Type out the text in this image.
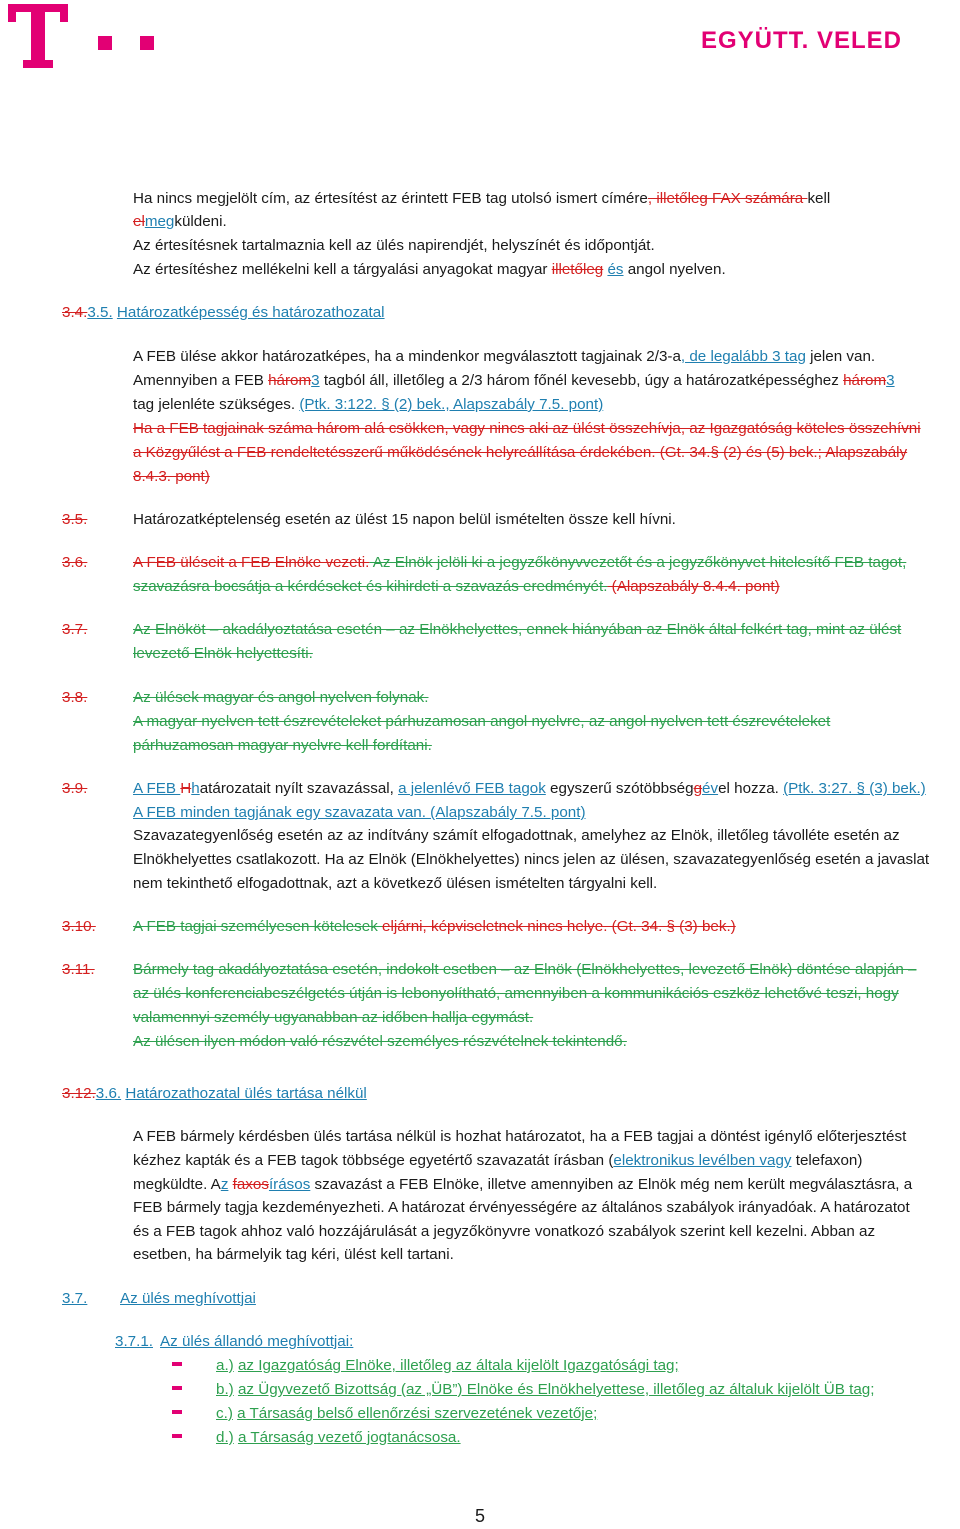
EGYÜTT. VELED
Ha nincs megjelölt cím, az értesítést az érintett FEB tag utolsó ismert címére, illetőleg FAX számára kell
elmegküldeni.
Az értesítésnek tartalmaznia kell az ülés napirendjét, helyszínét és időpontját.
Az értesítéshez mellékelni kell a tárgyalási anyagokat magyar illetőleg és angol nyelven.
3.4.3.5. Határozatképesség és határozathozatal
A FEB ülése akkor határozatképes, ha a mindenkor megválasztott tagjainak 2/3-a, de legalább 3 tag jelen van.
Amennyiben a FEB három3 tagból áll, illetőleg a 2/3 három főnél kevesebb, úgy a határozatképességhez három3
tag jelenléte szükséges. (Ptk. 3:122. § (2) bek., Alapszabály 7.5. pont)
Ha a FEB tagjainak száma három alá csökken, vagy nincs aki az ülést összehívja, az Igazgatóság köteles összehívni
a Közgyűlést a FEB rendeltetésszerű működésének helyreállítása érdekében. (Gt. 34.§ (2) és (5) bek.; Alapszabály
8.4.3. pont)
3.5.	Határozatképtelenség esetén az ülést 15 napon belül ismételten össze kell hívni.
3.6.	A FEB üléseit a FEB Elnöke vezeti. Az Elnök jelöli ki a jegyzőkönyvvezetőt és a jegyzőkönyvet hitelesítő FEB tagot,
szavazásra bocsátja a kérdéseket és kihirdeti a szavazás eredményét. (Alapszabály 8.4.4. pont)
3.7.	Az Elnököt – akadályoztatása esetén – az Elnökhelyettes, ennek hiányában az Elnök által felkért tag, mint az ülést
levezető Elnök helyettesíti.
3.8.	Az ülések magyar és angol nyelven folynak.
A magyar nyelven tett észrevételeket párhuzamosan angol nyelvre, az angol nyelven tett észrevételeket
párhuzamosan magyar nyelvre kell fordítani.
3.9.	A FEB Hhatározatait nyílt szavazással, a jelenlévő FEB tagok egyszerű szótöbbséggével hozza. (Ptk. 3:27. § (3) bek.)
A FEB minden tagjának egy szavazata van. (Alapszabály 7.5. pont)
Szavazategyenlőség esetén az az indítvány számít elfogadottnak, amelyhez az Elnök, illetőleg távolléte esetén az
Elnökhelyettes csatlakozott. Ha az Elnök (Elnökhelyettes) nincs jelen az ülésen, szavazategyenlőség esetén a javaslat
nem tekinthető elfogadottnak, azt a következő ülésen ismételten tárgyalni kell.
3.10. A FEB tagjai személyesen kötelesek eljárni, képviseletnek nincs helye. (Gt. 34. § (3) bek.)
3.11.	Bármely tag akadályoztatása esetén, indokolt esetben – az Elnök (Elnökhelyettes, levezető Elnök) döntése alapján –
az ülés konferenciabeszélgetés útján is lebonyolítható, amennyiben a kommunikációs eszköz lehetővé teszi, hogy
valamennyi személy ugyanabban az időben hallja egymást.
Az ülésen ilyen módon való részvétel személyes részvételnek tekintendő.
3.12.3.6. Határozathozatal ülés tartása nélkül
A FEB bármely kérdésben ülés tartása nélkül is hozhat határozatot, ha a FEB tagjai a döntést igénylő előterjesztést
kézhez kapták és a FEB tagok többsége egyetértő szavazatát írásban (elektronikus levélben vagy telefaxon)
megküldte. Az faxosírásos szavazást a FEB Elnöke, illetve amennyiben az Elnök még nem került megválasztásra, a
FEB bármely tagja kezdeményezheti. A határozat érvényességére az általános szabályok irányadóak. A határozatot
és a FEB tagok ahhoz való hozzájárulását a jegyzőkönyvre vonatkozó szabályok szerint kell kezelni. Abban az
esetben, ha bármelyik tag kéri, ülést kell tartani.
3.7. Az ülés meghívottjai
3.7.1. Az ülés állandó meghívottjai:
a.) az Igazgatóság Elnöke, illetőleg az általa kijelölt Igazgatósági tag;
b.) az Ügyvezető Bizottság (az „ÜB”) Elnöke és Elnökhelyettese, illetőleg az általuk kijelölt ÜB tag;
c.) a Társaság belső ellenőrzési szervezetének vezetője;
d.) a Társaság vezető jogtanácsosa.
5
